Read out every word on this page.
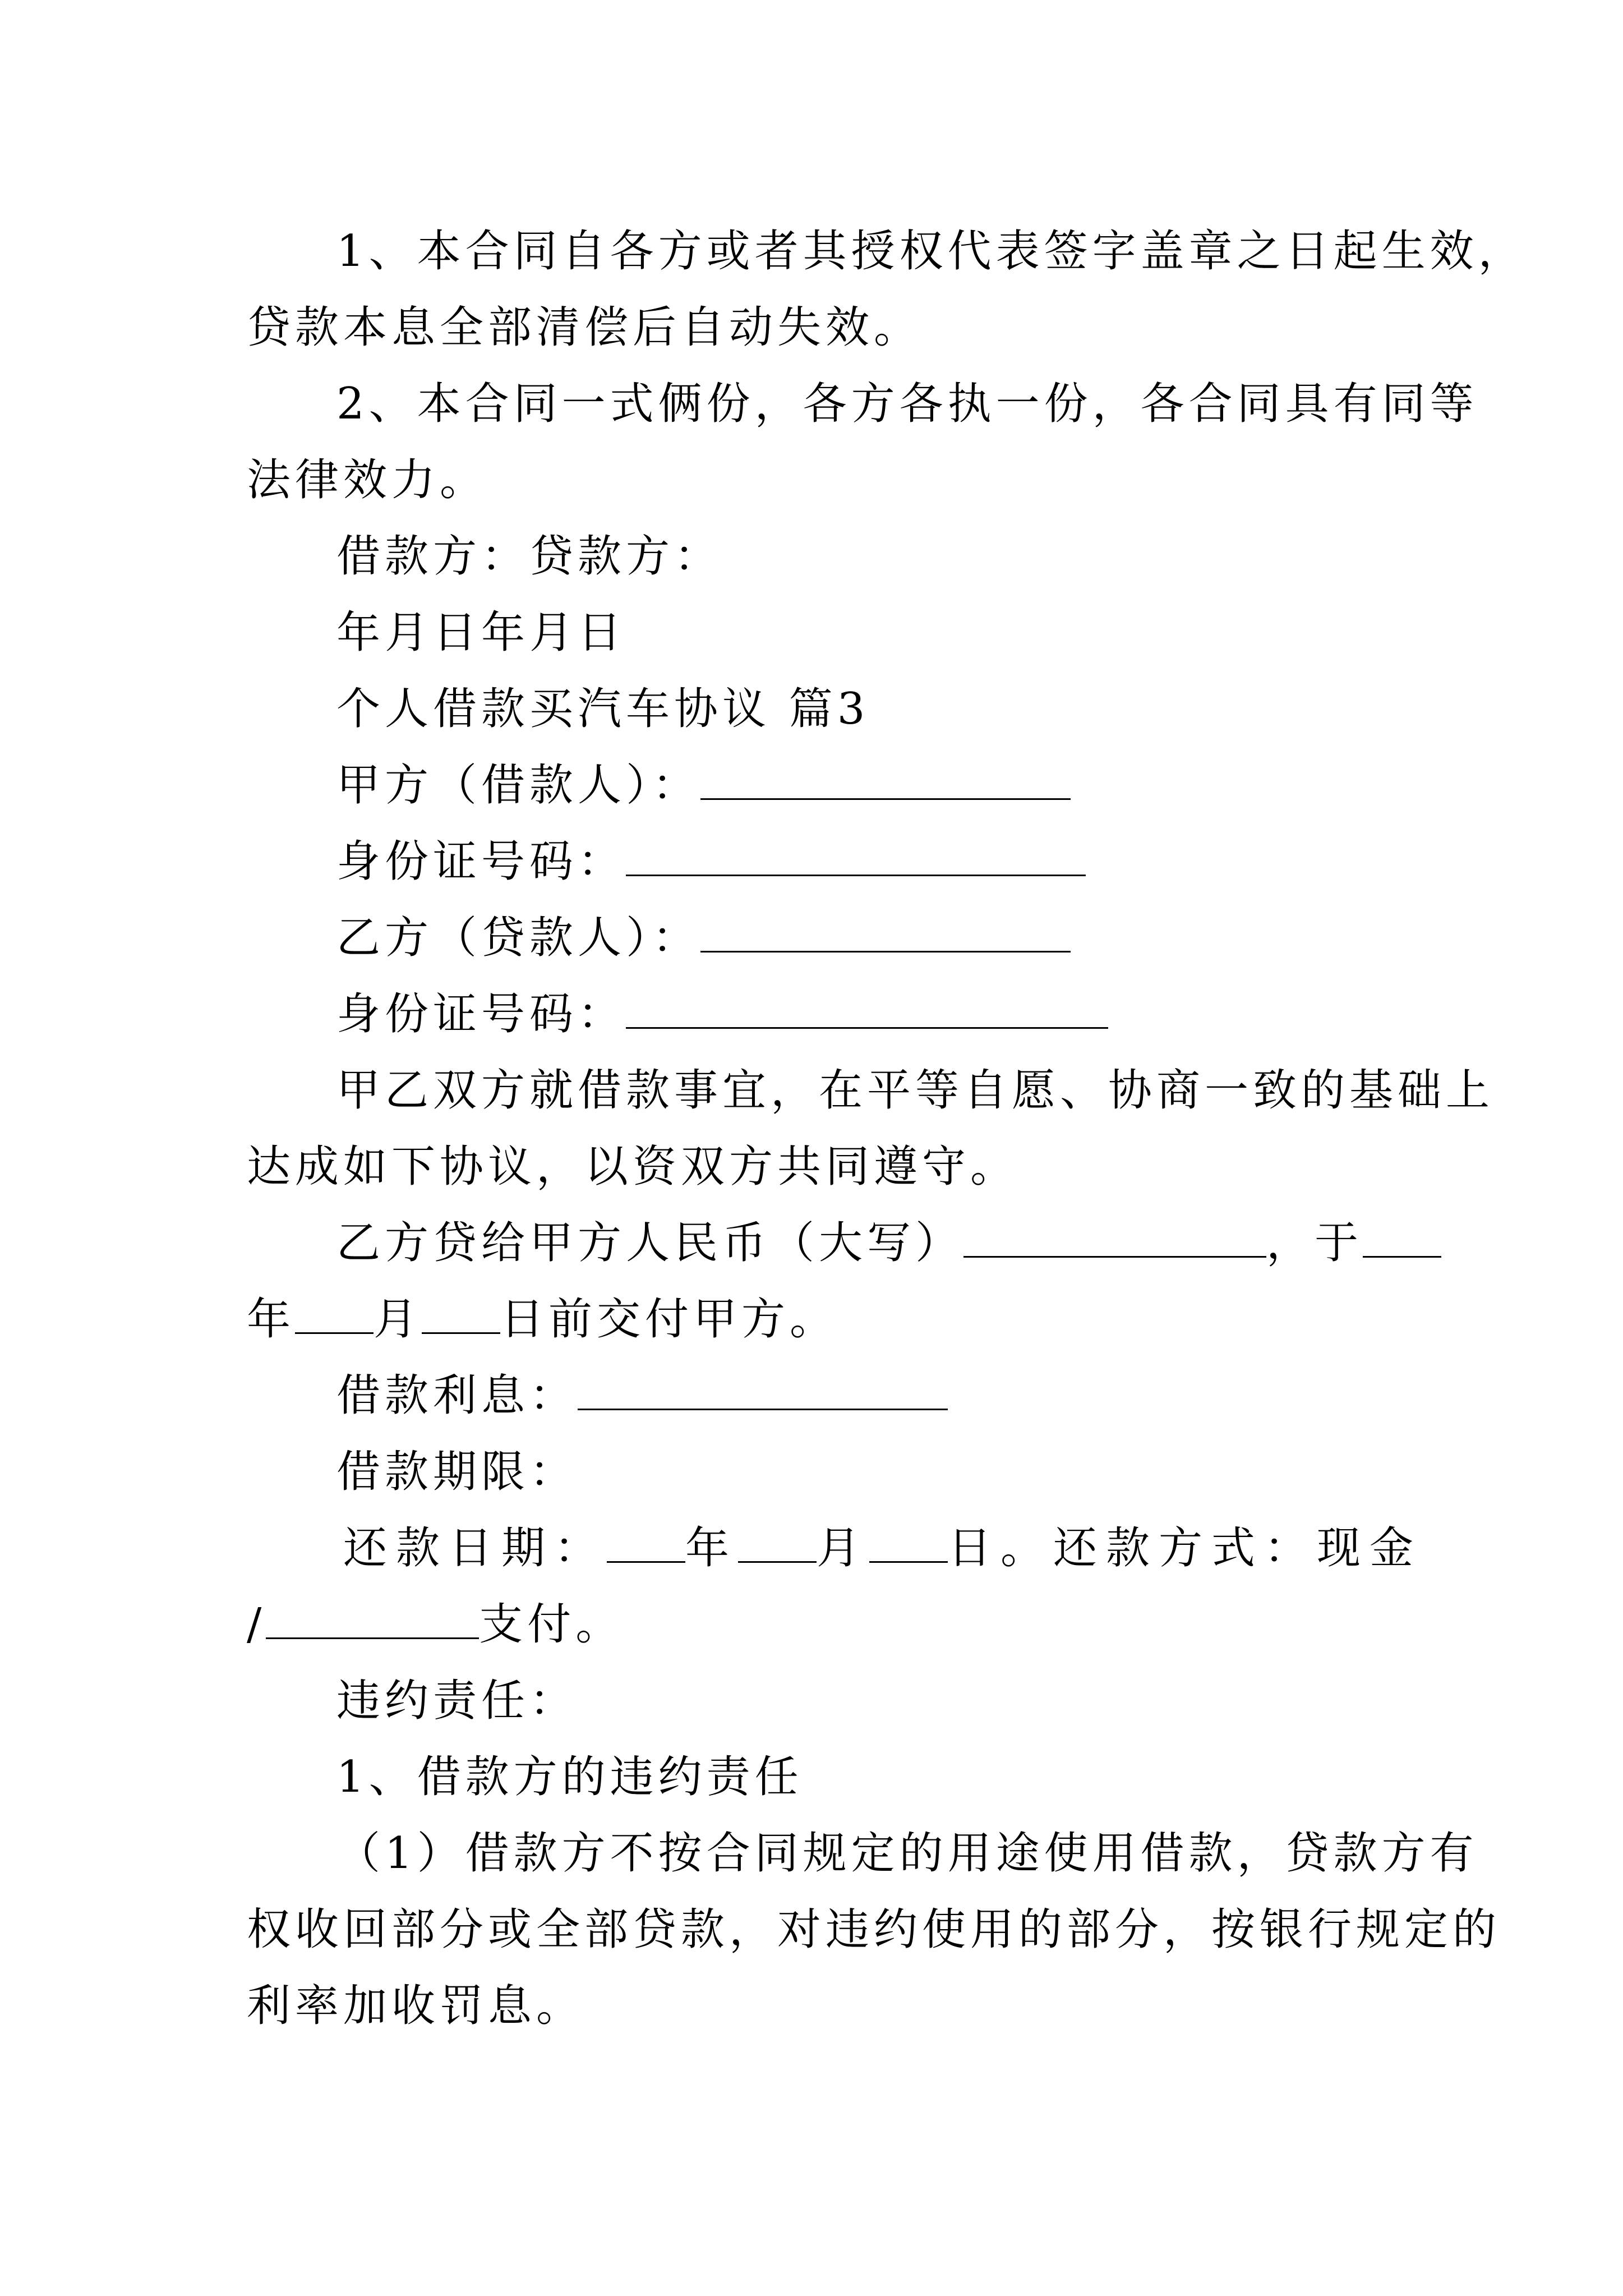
1、本合同自各方或者其授权代表签字盖章之日起生效，
贷款本息全部清偿后自动失效。
2、本合同一式俩份，各方各执一份，各合同具有同等
法律效力。
借款方：贷款方：
年月日年月日
个人借款买汽车协议 篇3
甲方（借款人）：
身份证号码：
乙方（贷款人）：
身份证号码：
甲乙双方就借款事宜，在平等自愿、协商一致的基础上
达成如下协议，以资双方共同遵守。
乙方贷给甲方人民币（大写）	，于
年 月 日前交付甲方。
借款利息：
借款期限：
还款日期： 年 月 日。还款方式：现金
/	支付。
违约责任：
1、借款方的违约责任
（1）借款方不按合同规定的用途使用借款，贷款方有
权收回部分或全部贷款，对违约使用的部分，按银行规定的
利率加收罚息。
